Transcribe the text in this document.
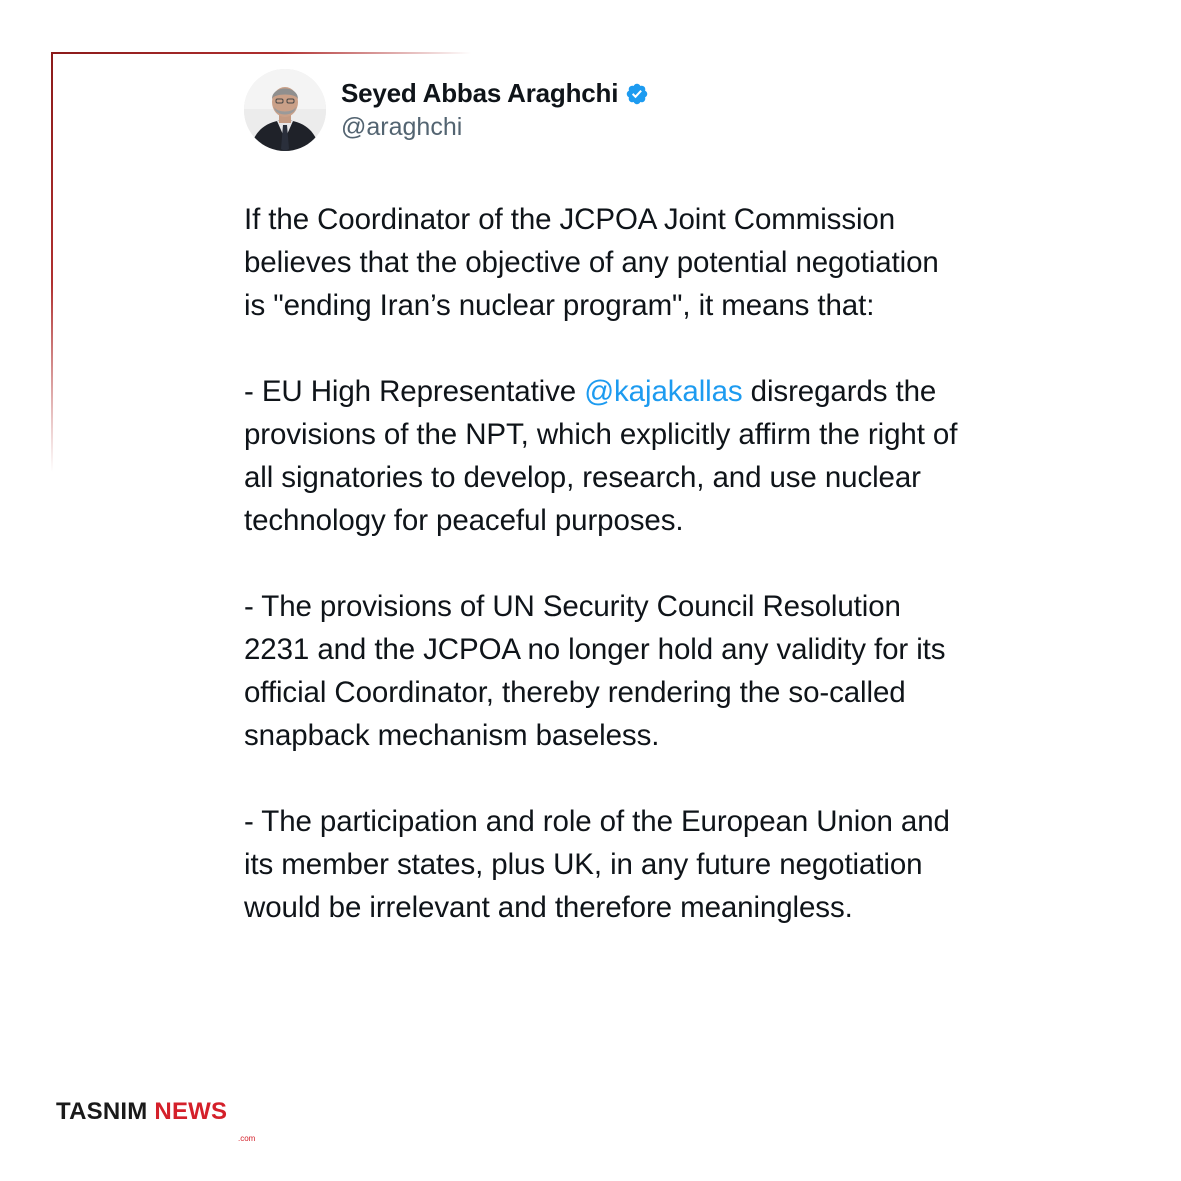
Seyed Abbas Araghchi
@araghchi

If the Coordinator of the JCPOA Joint Commission believes that the objective of any potential negotiation is "ending Iran’s nuclear program", it means that:

- EU High Representative @kajakallas disregards the provisions of the NPT, which explicitly affirm the right of all signatories to develop, research, and use nuclear technology for peaceful purposes.

- The provisions of UN Security Council Resolution 2231 and the JCPOA no longer hold any validity for its official Coordinator, thereby rendering the so-called snapback mechanism baseless.

- The participation and role of the European Union and its member states, plus UK, in any future negotiation would be irrelevant and therefore meaningless.

TASNIM NEWS
.com
